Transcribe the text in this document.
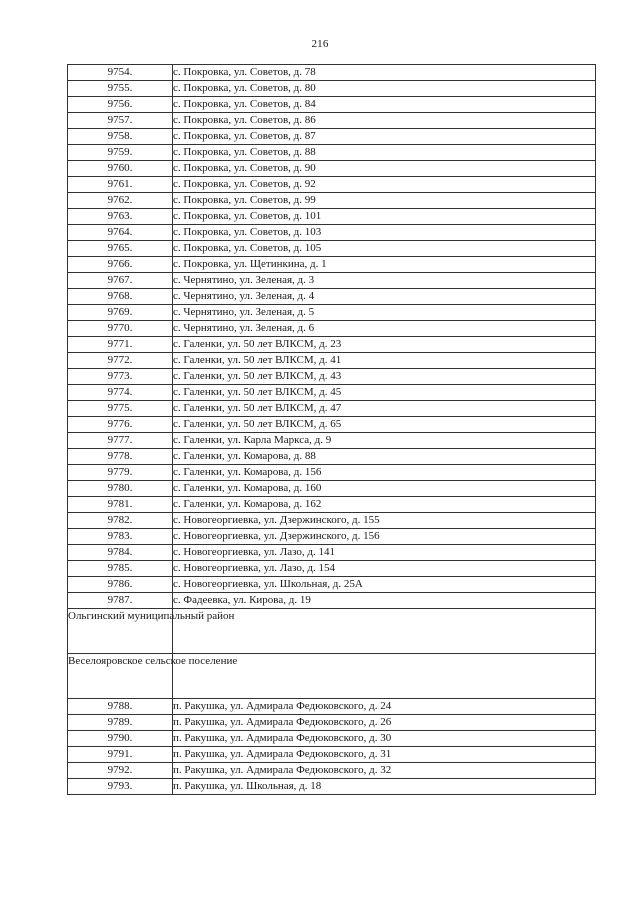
216
9754.	с. Покровка, ул. Советов, д. 78
9755.	с. Покровка, ул. Советов, д. 80
9756.	с. Покровка, ул. Советов, д. 84
9757.	с. Покровка, ул. Советов, д. 86
9758.	с. Покровка, ул. Советов, д. 87
9759.	с. Покровка, ул. Советов, д. 88
9760.	с. Покровка, ул. Советов, д. 90
9761.	с. Покровка, ул. Советов, д. 92
9762.	с. Покровка, ул. Советов, д. 99
9763.	с. Покровка, ул. Советов, д. 101
9764.	с. Покровка, ул. Советов, д. 103
9765.	с. Покровка, ул. Советов, д. 105
9766.	с. Покровка, ул. Щетинкина, д. 1
9767.	с. Чернятино, ул. Зеленая, д. 3
9768.	с. Чернятино, ул. Зеленая, д. 4
9769.	с. Чернятино, ул. Зеленая, д. 5
9770.	с. Чернятино, ул. Зеленая, д. 6
9771.	с. Галенки, ул. 50 лет ВЛКСМ, д. 23
9772.	с. Галенки, ул. 50 лет ВЛКСМ, д. 41
9773.	с. Галенки, ул. 50 лет ВЛКСМ, д. 43
9774.	с. Галенки, ул. 50 лет ВЛКСМ, д. 45
9775.	с. Галенки, ул. 50 лет ВЛКСМ, д. 47
9776.	с. Галенки, ул. 50 лет ВЛКСМ, д. 65
9777.	с. Галенки, ул. Карла Маркса, д. 9
9778.	с. Галенки, ул. Комарова, д. 88
9779.	с. Галенки, ул. Комарова, д. 156
9780.	с. Галенки, ул. Комарова, д. 160
9781.	с. Галенки, ул. Комарова, д. 162
9782.	с. Новогеоргиевка, ул. Дзержинского, д. 155
9783.	с. Новогеоргиевка, ул. Дзержинского, д. 156
9784.	с. Новогеоргиевка, ул. Лазо, д. 141
9785.	с. Новогеоргиевка, ул. Лазо, д. 154
9786.	с. Новогеоргиевка, ул. Школьная, д. 25А
9787.	с. Фадеевка, ул. Кирова, д. 19
Ольгинский муниципальный район	
Веселояровское сельское поселение	
9788.	п. Ракушка, ул. Адмирала Федюковского, д. 24
9789.	п. Ракушка, ул. Адмирала Федюковского, д. 26
9790.	п. Ракушка, ул. Адмирала Федюковского, д. 30
9791.	п. Ракушка, ул. Адмирала Федюковского, д. 31
9792.	п. Ракушка, ул. Адмирала Федюковского, д. 32
9793.	п. Ракушка, ул. Школьная, д. 18
